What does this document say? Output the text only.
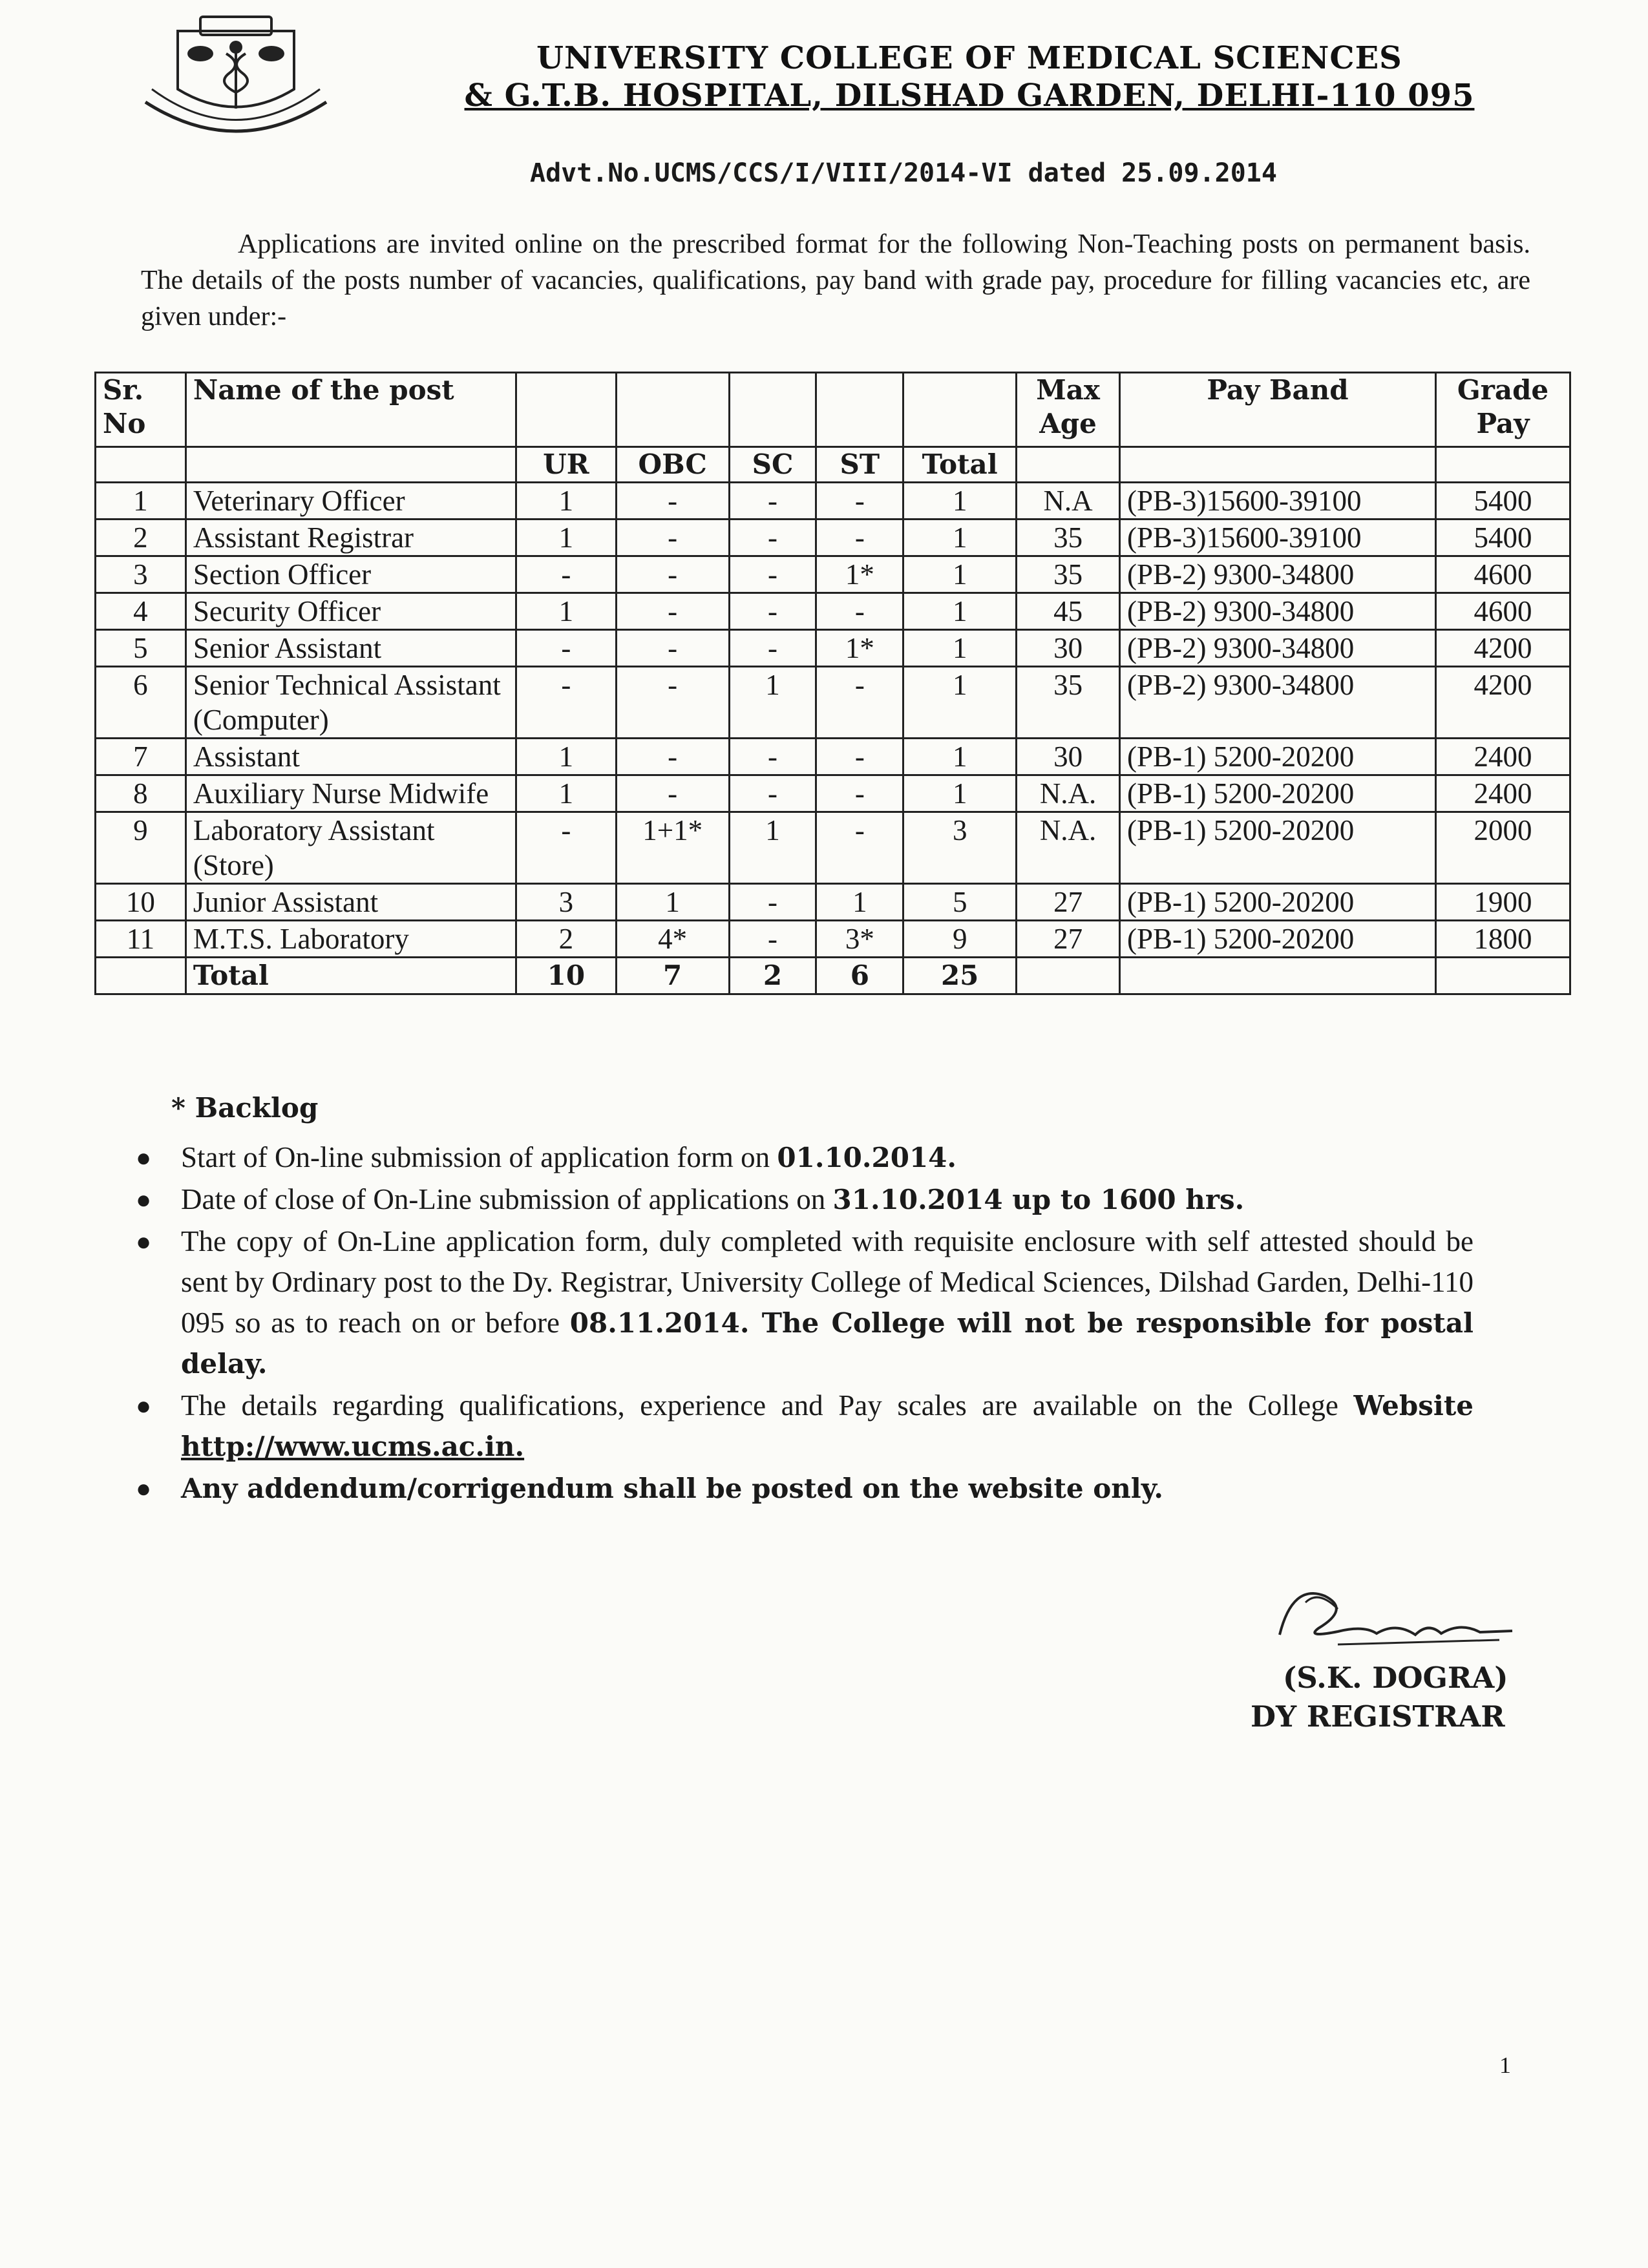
UNIVERSITY COLLEGE OF MEDICAL SCIENCES
& G.T.B. HOSPITAL, DILSHAD GARDEN, DELHI-110 095
Advt.No.UCMS/CCS/I/VIII/2014-VI dated 25.09.2014

Applications are invited online on the prescribed format for the following Non-Teaching posts on permanent basis. The details of the posts number of vacancies, qualifications, pay band with grade pay, procedure for filling vacancies etc, are given under:-

Sr. No	Name of the post						Max Age	Pay Band	Grade Pay
		UR	OBC	SC	ST	Total			
1	Veterinary Officer	1	-	-	-	1	N.A	(PB-3)15600-39100	5400
2	Assistant Registrar	1	-	-	-	1	35	(PB-3)15600-39100	5400
3	Section Officer	-	-	-	1*	1	35	(PB-2) 9300-34800	4600
4	Security Officer	1	-	-	-	1	45	(PB-2) 9300-34800	4600
5	Senior Assistant	-	-	-	1*	1	30	(PB-2) 9300-34800	4200
6	Senior Technical Assistant (Computer)	-	-	1	-	1	35	(PB-2) 9300-34800	4200
7	Assistant	1	-	-	-	1	30	(PB-1) 5200-20200	2400
8	Auxiliary Nurse Midwife	1	-	-	-	1	N.A.	(PB-1) 5200-20200	2400
9	Laboratory Assistant (Store)	-	1+1*	1	-	3	N.A.	(PB-1) 5200-20200	2000
10	Junior Assistant	3	1	-	1	5	27	(PB-1) 5200-20200	1900
11	M.T.S. Laboratory	2	4*	-	3*	9	27	(PB-1) 5200-20200	1800
	Total	10	7	2	6	25			
* Backlog
● Start of On-line submission of application form on 01.10.2014.
● Date of close of On-Line submission of applications on 31.10.2014 up to 1600 hrs.
● The copy of On-Line application form, duly completed with requisite enclosure with self attested should be sent by Ordinary post to the Dy. Registrar, University College of Medical Sciences, Dilshad Garden, Delhi-110 095 so as to reach on or before 08.11.2014. The College will not be responsible for postal delay.
● The details regarding qualifications, experience and Pay scales are available on the College Website http://www.ucms.ac.in.
● Any addendum/corrigendum shall be posted on the website only.
(S.K. DOGRA)
DY REGISTRAR
1
